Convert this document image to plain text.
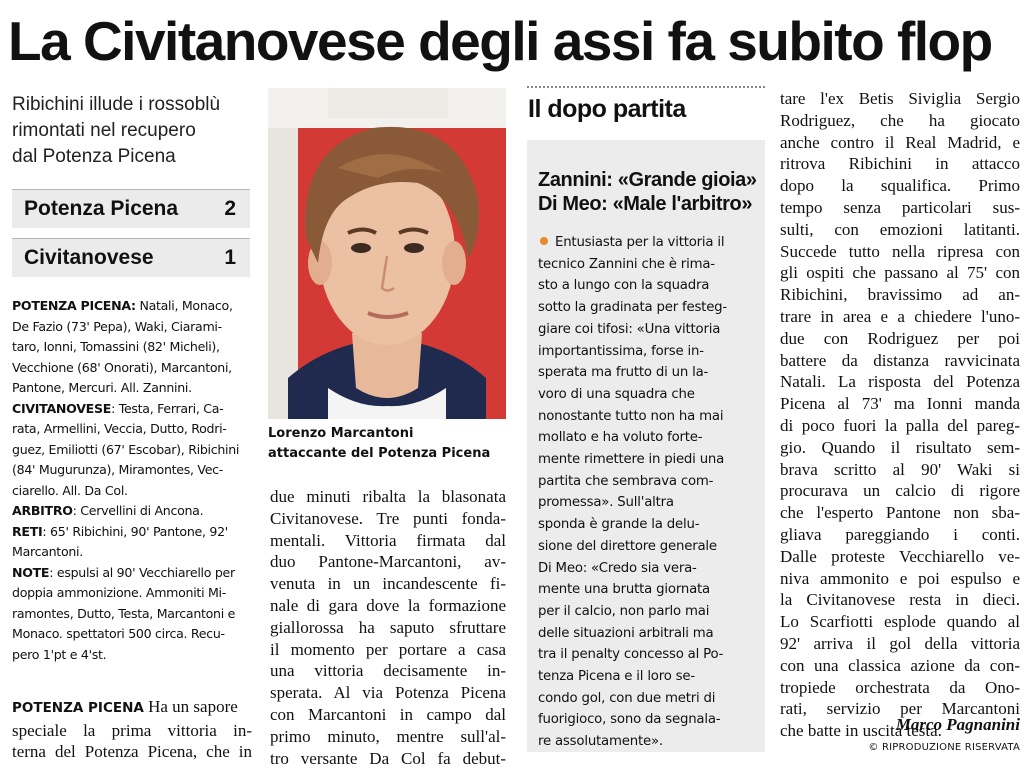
La Civitanovese degli assi fa subito flop

Ribichini illude i rossoblù

rimontati nel recupero

dal Potenza Picena

Potenza Picena 2
Civitanovese	1

POTENZA PICENA: Natali, Monaco,

De Fazio (73' Pepa), Waki, Ciarami-

taro, Ionni, Tomassini (82' Micheli),

Vecchione (68' Onorati), Marcantoni,

Pantone, Mercuri. All. Zannini.

CIVITANOVESE: Testa, Ferrari, Ca-

rata, Armellini, Veccia, Dutto, Rodri-

guez, Emiliotti (67' Escobar), Ribichini

(84' Mugurunza), Miramontes, Vec-

ciarello. All. Da Col.

ARBITRO: Cervellini di Ancona.

RETI: 65' Ribichini, 90' Pantone, 92'

Marcantoni.

NOTE: espulsi al 90' Vecchiarello per

doppia ammonizione. Ammoniti Mi-

ramontes, Dutto, Testa, Marcantoni e

Monaco. spettatori 500 circa. Recu-

pero 1'pt e 4'st.

POTENZA PICENA Ha un sapore

speciale la prima vittoria in-

terna del Potenza Picena, che in

Lorenzo Marcantoni

attaccante del Potenza Picena

due minuti ribalta la blasonata

Civitanovese. Tre punti fonda-

mentali. Vittoria firmata dal

duo Pantone-Marcantoni, av-

venuta in un incandescente fi-

nale di gara dove la formazione

giallorossa ha saputo sfruttare

il momento per portare a casa

una vittoria decisamente in-

sperata. Al via Potenza Picena

con Marcantoni in campo dal

primo minuto, mentre sull'al-

tro versante Da Col fa debut-

Il dopo partita

Zannini: «Grande gioia»

Di Meo: «Male l'arbitro»

Entusiasta per la vittoria il

tecnico Zannini che è rima-

sto a lungo con la squadra

sotto la gradinata per festeg-

giare coi tifosi: «Una vittoria

importantissima, forse in-

sperata ma frutto di un la-

voro di una squadra che

nonostante tutto non ha mai

mollato e ha voluto forte-

mente rimettere in piedi una

partita che sembrava com-

promessa». Sull'altra

sponda è grande la delu-

sione del direttore generale

Di Meo: «Credo sia vera-

mente una brutta giornata

per il calcio, non parlo mai

delle situazioni arbitrali ma

tra il penalty concesso al Po-

tenza Picena e il loro se-

condo gol, con due metri di

fuorigioco, sono da segnala-

re assolutamente».

tare l'ex Betis Siviglia Sergio

Rodriguez, che ha giocato

anche contro il Real Madrid, e

ritrova Ribichini in attacco

dopo la squalifica. Primo

tempo senza particolari sus-

sulti, con emozioni latitanti.

Succede tutto nella ripresa con

gli ospiti che passano al 75' con

Ribichini, bravissimo ad an-

trare in area e a chiedere l'uno-

due con Rodriguez per poi

battere da distanza ravvicinata

Natali. La risposta del Potenza

Picena al 73' ma Ionni manda

di poco fuori la palla del pareg-

gio. Quando il risultato sem-

brava scritto al 90' Waki si

procurava un calcio di rigore

che l'esperto Pantone non sba-

gliava pareggiando i conti.

Dalle proteste Vecchiarello ve-

niva ammonito e poi espulso e

la Civitanovese resta in dieci.

Lo Scarfiotti esplode quando al

92' arriva il gol della vittoria

con una classica azione da con-

tropiede orchestrata da Ono-

rati, servizio per Marcantoni

che batte in uscita testa.

Marco Pagnanini
© RIPRODUZIONE RISERVATA
